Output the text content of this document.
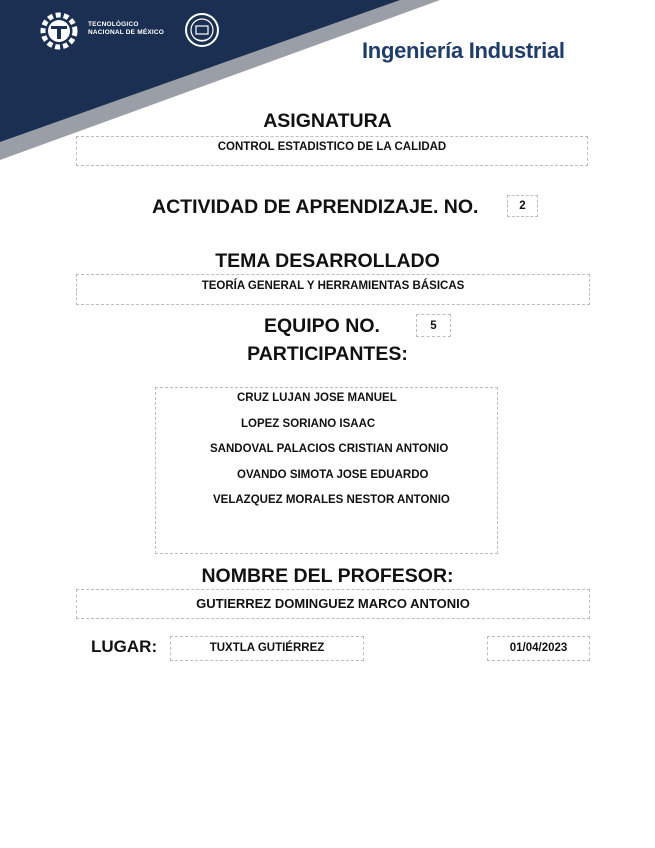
TECNOLÓGICO
NACIONAL DE MÉXICO
Ingeniería Industrial
ASIGNATURA
CONTROL ESTADISTICO DE LA CALIDAD
ACTIVIDAD DE APRENDIZAJE. NO.	2
TEMA DESARROLLADO
TEORÍA GENERAL Y HERRAMIENTAS BÁSICAS
EQUIPO NO.	5
PARTICIPANTES:
CRUZ LUJAN JOSE MANUEL
LOPEZ SORIANO ISAAC
SANDOVAL PALACIOS CRISTIAN ANTONIO
OVANDO SIMOTA JOSE EDUARDO
VELAZQUEZ MORALES NESTOR ANTONIO
NOMBRE DEL PROFESOR:
GUTIERREZ DOMINGUEZ MARCO ANTONIO
LUGAR:	TUXTLA GUTIÉRREZ	01/04/2023
